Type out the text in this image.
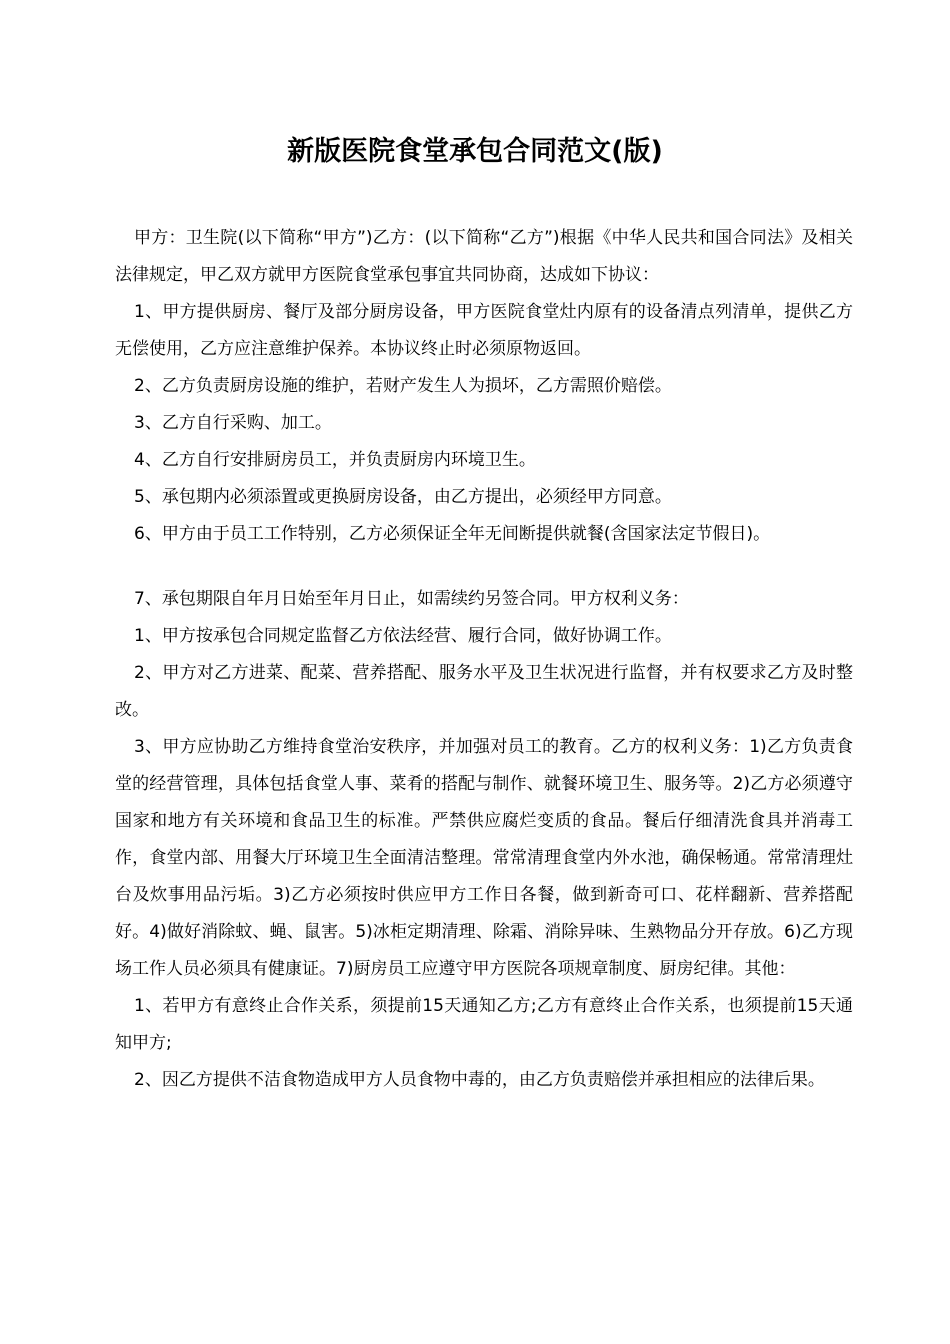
新版医院食堂承包合同范文(版)

甲方：卫生院(以下简称“甲方”)乙方：(以下简称“乙方”)根据《中华人民共和国合同法》及相关法律规定，甲乙双方就甲方医院食堂承包事宜共同协商，达成如下协议：

1、甲方提供厨房、餐厅及部分厨房设备，甲方医院食堂灶内原有的设备清点列清单，提供乙方无偿使用，乙方应注意维护保养。本协议终止时必须原物返回。

2、乙方负责厨房设施的维护，若财产发生人为损坏，乙方需照价赔偿。

3、乙方自行采购、加工。

4、乙方自行安排厨房员工，并负责厨房内环境卫生。

5、承包期内必须添置或更换厨房设备，由乙方提出，必须经甲方同意。

6、甲方由于员工工作特别，乙方必须保证全年无间断提供就餐(含国家法定节假日)。

7、承包期限自年月日始至年月日止，如需续约另签合同。甲方权利义务：

1、甲方按承包合同规定监督乙方依法经营、履行合同，做好协调工作。

2、甲方对乙方进菜、配菜、营养搭配、服务水平及卫生状况进行监督，并有权要求乙方及时整改。

3、甲方应协助乙方维持食堂治安秩序，并加强对员工的教育。乙方的权利义务：1)乙方负责食堂的经营管理，具体包括食堂人事、菜肴的搭配与制作、就餐环境卫生、服务等。2)乙方必须遵守国家和地方有关环境和食品卫生的标准。严禁供应腐烂变质的食品。餐后仔细清洗食具并消毒工作，食堂内部、用餐大厅环境卫生全面清洁整理。常常清理食堂内外水池，确保畅通。常常清理灶台及炊事用品污垢。3)乙方必须按时供应甲方工作日各餐，做到新奇可口、花样翻新、营养搭配好。4)做好消除蚊、蝇、鼠害。5)冰柜定期清理、除霜、消除异味、生熟物品分开存放。6)乙方现场工作人员必须具有健康证。7)厨房员工应遵守甲方医院各项规章制度、厨房纪律。其他：

1、若甲方有意终止合作关系，须提前15天通知乙方;乙方有意终止合作关系，也须提前15天通知甲方;

2、因乙方提供不洁食物造成甲方人员食物中毒的，由乙方负责赔偿并承担相应的法律后果。
